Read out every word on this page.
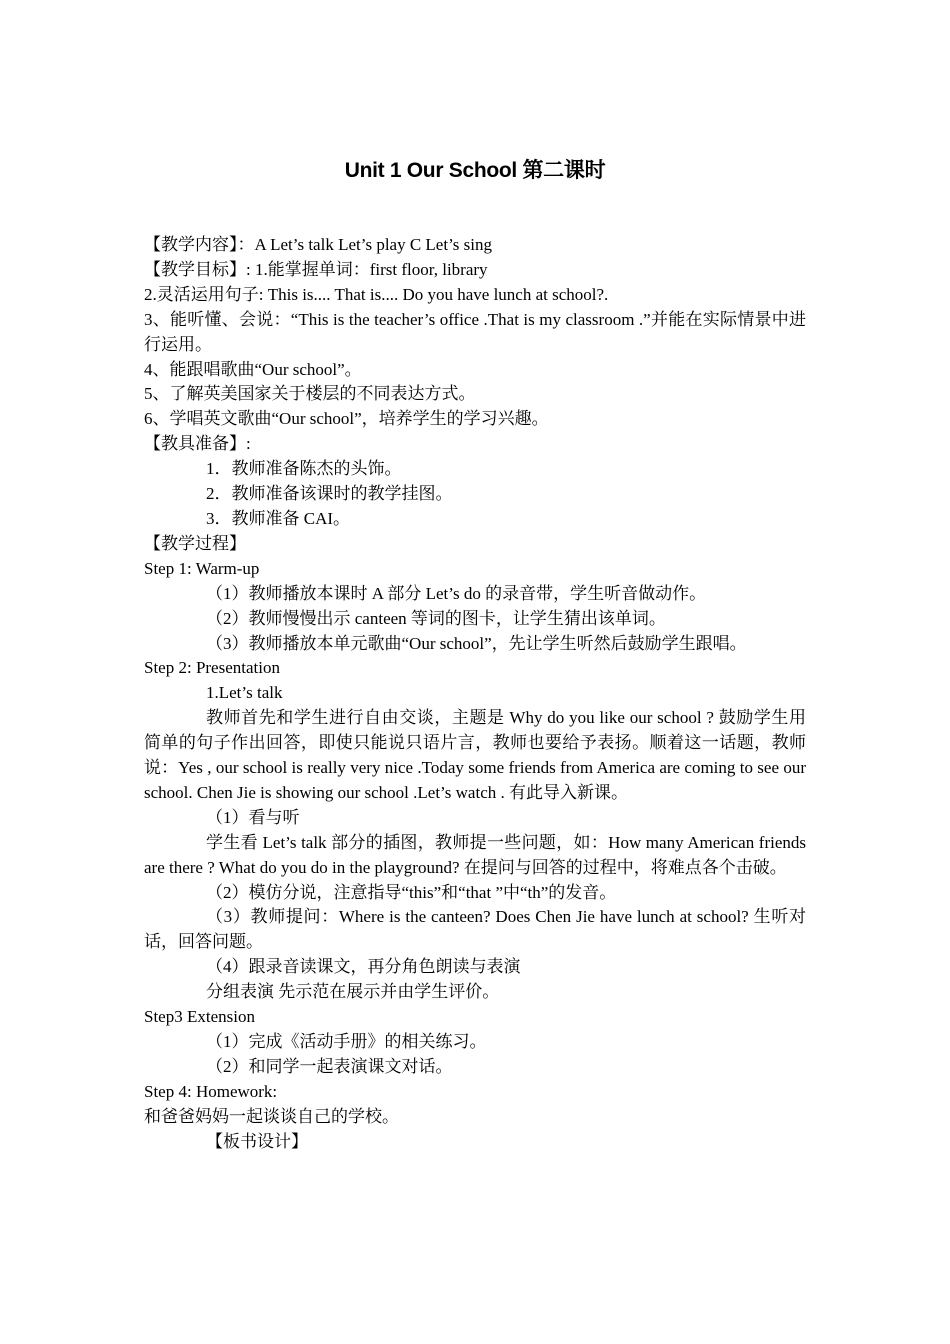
Unit 1 Our School 第二课时

【教学内容】：A Let’s talk Let’s play C Let’s sing

【教学目标】: 1.能掌握单词：first floor, library

2.灵活运用句子: This is.... That is.... Do you have lunch at school?.

3、能听懂、会说：“This is the teacher’s office .That is my classroom .”并能在实际情景中进行运用。

4、能跟唱歌曲“Our school”。

5、了解英美国家关于楼层的不同表达方式。

6、学唱英文歌曲“Our school”，培养学生的学习兴趣。

【教具准备】:

1．教师准备陈杰的头饰。

2．教师准备该课时的教学挂图。

3．教师准备 CAI。

【教学过程】

Step 1: Warm-up

（1）教师播放本课时 A 部分 Let’s do 的录音带，学生听音做动作。

（2）教师慢慢出示 canteen 等词的图卡，让学生猜出该单词。

（3）教师播放本单元歌曲“Our school”，先让学生听然后鼓励学生跟唱。

Step 2: Presentation

1.Let’s talk

教师首先和学生进行自由交谈，主题是 Why do you like our school ? 鼓励学生用简单的句子作出回答，即使只能说只语片言，教师也要给予表扬。顺着这一话题，教师说：Yes , our school is really very nice .Today some friends from America are coming to see our school. Chen Jie is showing our school .Let’s watch . 有此导入新课。

（1）看与听

学生看 Let’s talk 部分的插图，教师提一些问题，如：How many American friends are there ? What do you do in the playground? 在提问与回答的过程中，将难点各个击破。

（2）模仿分说，注意指导“this”和“that ”中“th”的发音。

（3）教师提问：Where is the canteen? Does Chen Jie have lunch at school? 生听对话，回答问题。

（4）跟录音读课文，再分角色朗读与表演

分组表演 先示范在展示并由学生评价。

Step3 Extension

（1）完成《活动手册》的相关练习。

（2）和同学一起表演课文对话。

Step 4: Homework:

和爸爸妈妈一起谈谈自己的学校。

【板书设计】
